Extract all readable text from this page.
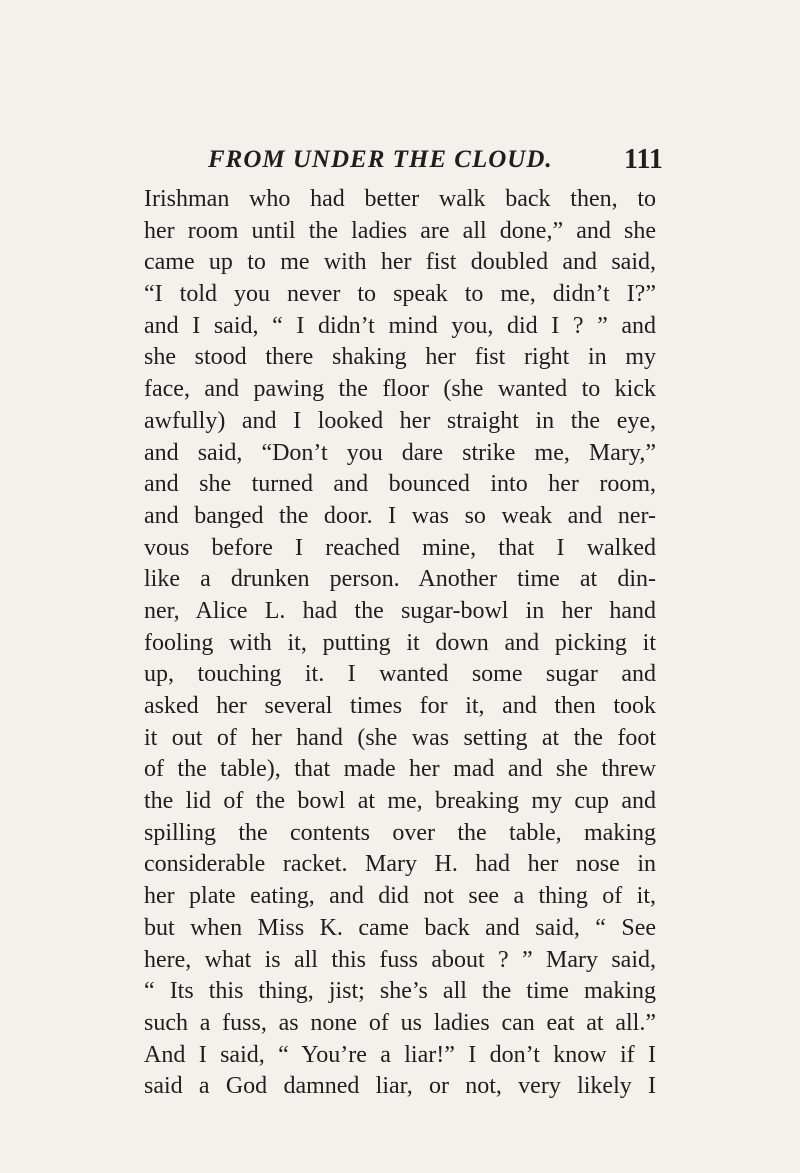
FROM UNDER THE CLOUD.	111
Irishman who had better walk back then, to
her room until the ladies are all done,” and she
came up to me with her fist doubled and said,
“I told you never to speak to me, didn’t I?”
and I said, “ I didn’t mind you, did I ? ” and
she stood there shaking her fist right in my
face, and pawing the floor (she wanted to kick
awfully) and I looked her straight in the eye,
and said, “Don’t you dare strike me, Mary,”
and she turned and bounced into her room,
and banged the door. I was so weak and ner-
vous before I reached mine, that I walked
like a drunken person. Another time at din-
ner, Alice L. had the sugar-bowl in her hand
fooling with it, putting it down and picking it
up, touching it. I wanted some sugar and
asked her several times for it, and then took
it out of her hand (she was setting at the foot
of the table), that made her mad and she threw
the lid of the bowl at me, breaking my cup and
spilling the contents over the table, making
considerable racket. Mary H. had her nose in
her plate eating, and did not see a thing of it,
but when Miss K. came back and said, “ See
here, what is all this fuss about ? ” Mary said,
“ Its this thing, jist; she’s all the time making
such a fuss, as none of us ladies can eat at all.”
And I said, “ You’re a liar!” I don’t know if I
said a God damned liar, or not, very likely I
